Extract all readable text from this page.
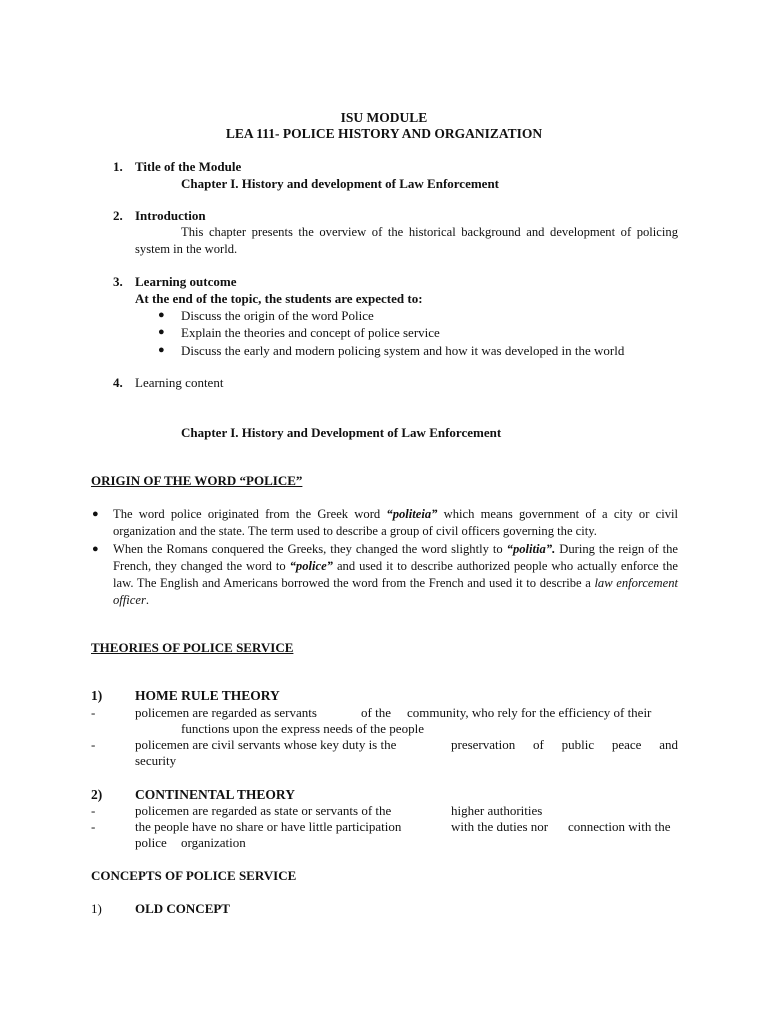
ISU MODULE
LEA 111- POLICE HISTORY AND ORGANIZATION
1. Title of the Module
Chapter I. History and development of Law Enforcement
2. Introduction
This chapter presents the overview of the historical background and development of policing system in the world.
3. Learning outcome
At the end of the topic, the students are expected to:
● Discuss the origin of the word Police
● Explain the theories and concept of police service
● Discuss the early and modern policing system and how it was developed in the world
4. Learning content
Chapter I. History and Development of Law Enforcement
ORIGIN OF THE WORD “POLICE”
● The word police originated from the Greek word “politeia” which means government of a city or civil organization and the state. The term used to describe a group of civil officers governing the city.
● When the Romans conquered the Greeks, they changed the word slightly to “politia”. During the reign of the French, they changed the word to “police” and used it to describe authorized people who actually enforce the law. The English and Americans borrowed the word from the French and used it to describe a law enforcement officer.
THEORIES OF POLICE SERVICE
1) HOME RULE THEORY
-	policemen are regarded as servants	of the community, who rely for the efficiency of their
functions upon the express needs of the people
-	policemen are civil servants whose key duty is the	preservation of public peace and
security
2) CONTINENTAL THEORY
-	policemen are regarded as state or servants of the	higher authorities
-	the people have no share or have little participation	with the duties nor connection with the
police organization
CONCEPTS OF POLICE SERVICE
1)	OLD CONCEPT
